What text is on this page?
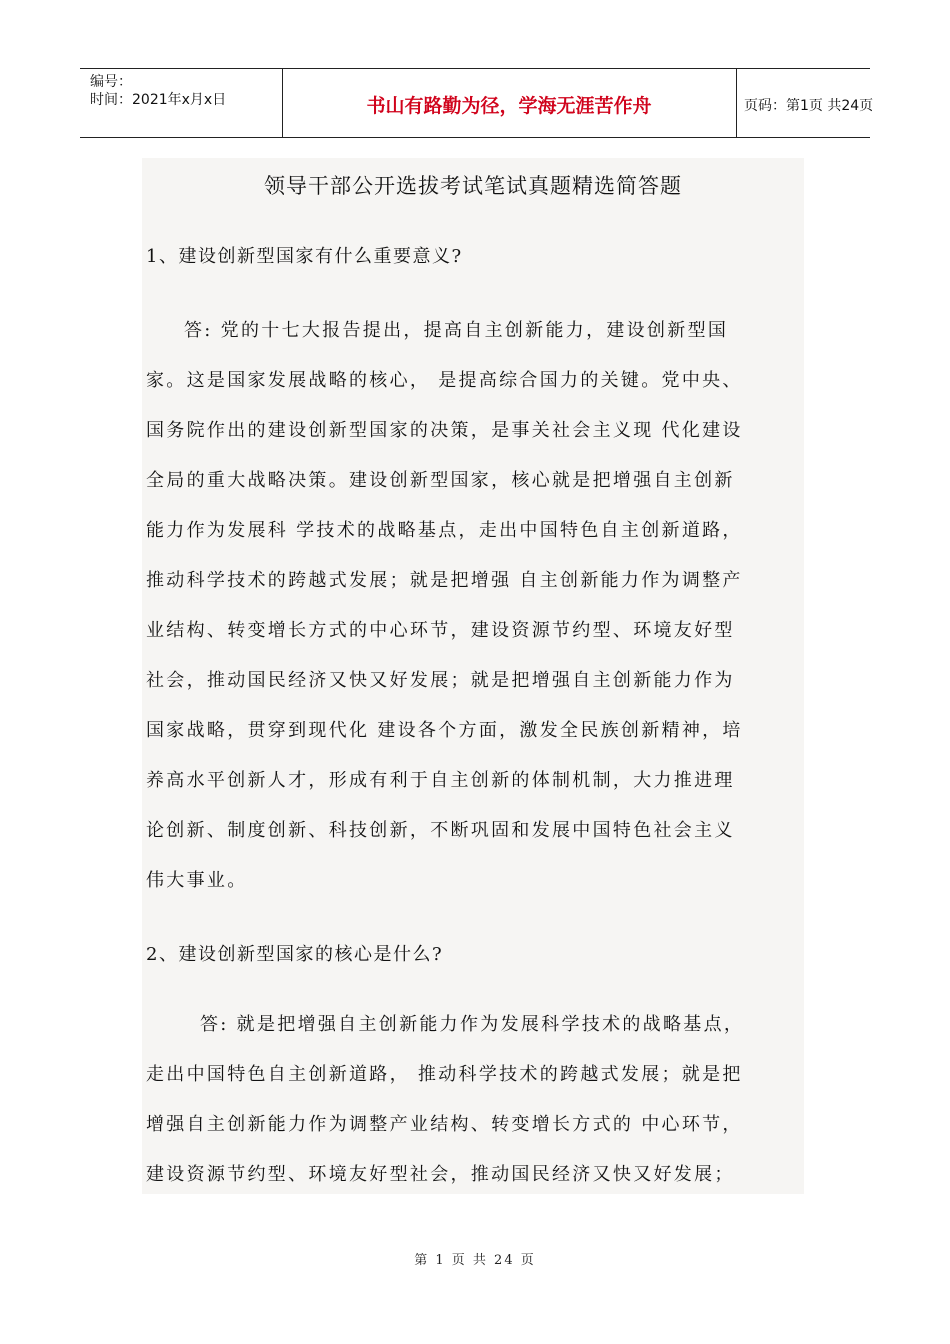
编号：
时间：2021年x月x日	书山有路勤为径，学海无涯苦作舟	页码：第1页 共24页
领导干部公开选拔考试笔试真题精选简答题
1、建设创新型国家有什么重要意义?
答: 党的十七大报告提出，提高自主创新能力，建设创新型国
家。这是国家发展战略的核心， 是提高综合国力的关键。党中央、
国务院作出的建设创新型国家的决策，是事关社会主义现 代化建设
全局的重大战略决策。建设创新型国家，核心就是把增强自主创新
能力作为发展科 学技术的战略基点，走出中国特色自主创新道路，
推动科学技术的跨越式发展；就是把增强 自主创新能力作为调整产
业结构、转变增长方式的中心环节，建设资源节约型、环境友好型
社会，推动国民经济又快又好发展；就是把增强自主创新能力作为
国家战略，贯穿到现代化 建设各个方面，激发全民族创新精神，培
养高水平创新人才，形成有利于自主创新的体制机制，大力推进理
论创新、制度创新、科技创新，不断巩固和发展中国特色社会主义
伟大事业。
2、建设创新型国家的核心是什么?
答: 就是把增强自主创新能力作为发展科学技术的战略基点，
走出中国特色自主创新道路， 推动科学技术的跨越式发展；就是把
增强自主创新能力作为调整产业结构、转变增长方式的 中心环节，
建设资源节约型、环境友好型社会，推动国民经济又快又好发展；
第 1 页 共 24 页
